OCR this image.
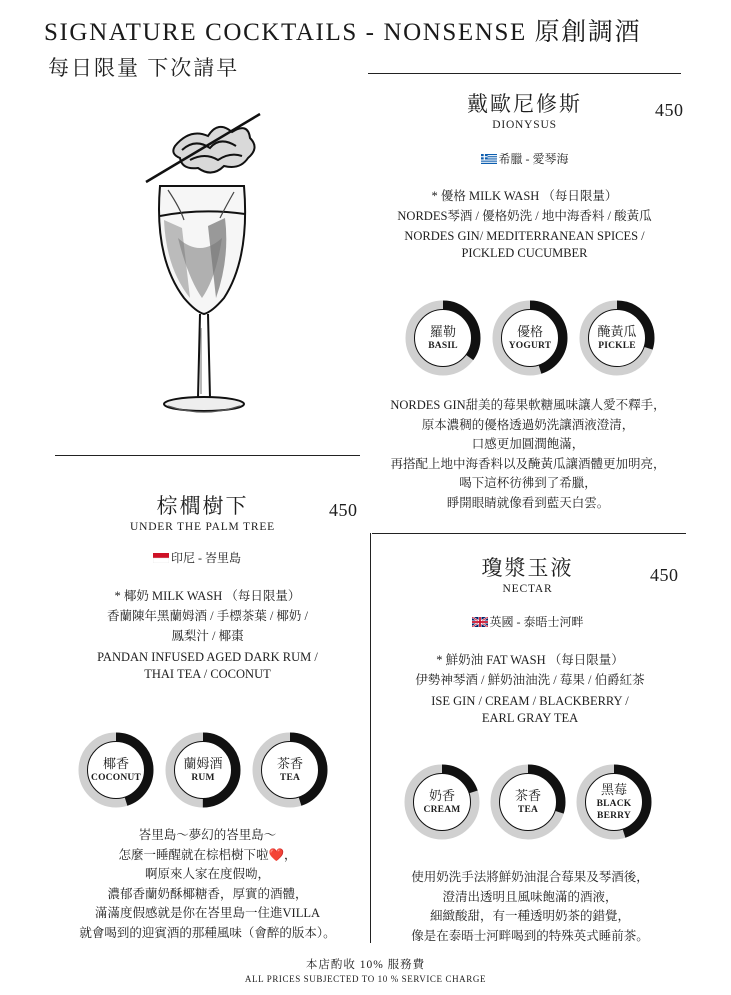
SIGNATURE COCKTAILS - NONSENSE 原創調酒
每日限量 下次請早
戴歐尼修斯
DIONYSUS
450
希臘 - 愛琴海
* 優格 MILK WASH （每日限量）
NORDES琴酒 / 優格奶洗 / 地中海香料 / 酸黃瓜
NORDES GIN/ MEDITERRANEAN SPICES /
PICKLED CUCUMBER
羅勒
BASIL
優格
YOGURT
醃黃瓜
PICKLE
NORDES GIN甜美的莓果軟糖風味讓人愛不釋手，
原本濃稠的優格透過奶洗讓酒液澄清，
口感更加圓潤飽滿，
再搭配上地中海香料以及醃黃瓜讓酒體更加明亮，
喝下這杯彷彿到了希臘，
睜開眼睛就像看到藍天白雲。
棕櫚樹下
UNDER THE PALM TREE
450
印尼 - 峇里島
* 椰奶 MILK WASH （每日限量）
香蘭陳年黑蘭姆酒 / 手標茶葉 / 椰奶 /
鳳梨汁 / 椰棗
PANDAN INFUSED AGED DARK RUM /
THAI TEA / COCONUT
椰香
COCONUT
蘭姆酒
RUM
茶香
TEA
峇里島～夢幻的峇里島～
怎麼一睡醒就在棕梠樹下啦❤️，
啊原來人家在度假呦，
濃郁香蘭奶酥椰糖香，厚實的酒體，
滿滿度假感就是你在峇里島一住進VILLA
就會喝到的迎賓酒的那種風味（會醉的版本）。
瓊漿玉液
NECTAR
450
英國 - 泰晤士河畔
* 鮮奶油 FAT WASH （每日限量）
伊勢神琴酒 / 鮮奶油油洗 / 莓果 / 伯爵紅茶
ISE GIN / CREAM / BLACKBERRY /
EARL GRAY TEA
奶香
CREAM
茶香
TEA
黑莓
BLACK BERRY
使用奶洗手法將鮮奶油混合莓果及琴酒後，
澄清出透明且風味飽滿的酒液，
細緻酸甜，有一種透明奶茶的錯覺，
像是在泰晤士河畔喝到的特殊英式睡前茶。
本店酌收 10% 服務費
ALL PRICES SUBJECTED TO 10 % SERVICE CHARGE
